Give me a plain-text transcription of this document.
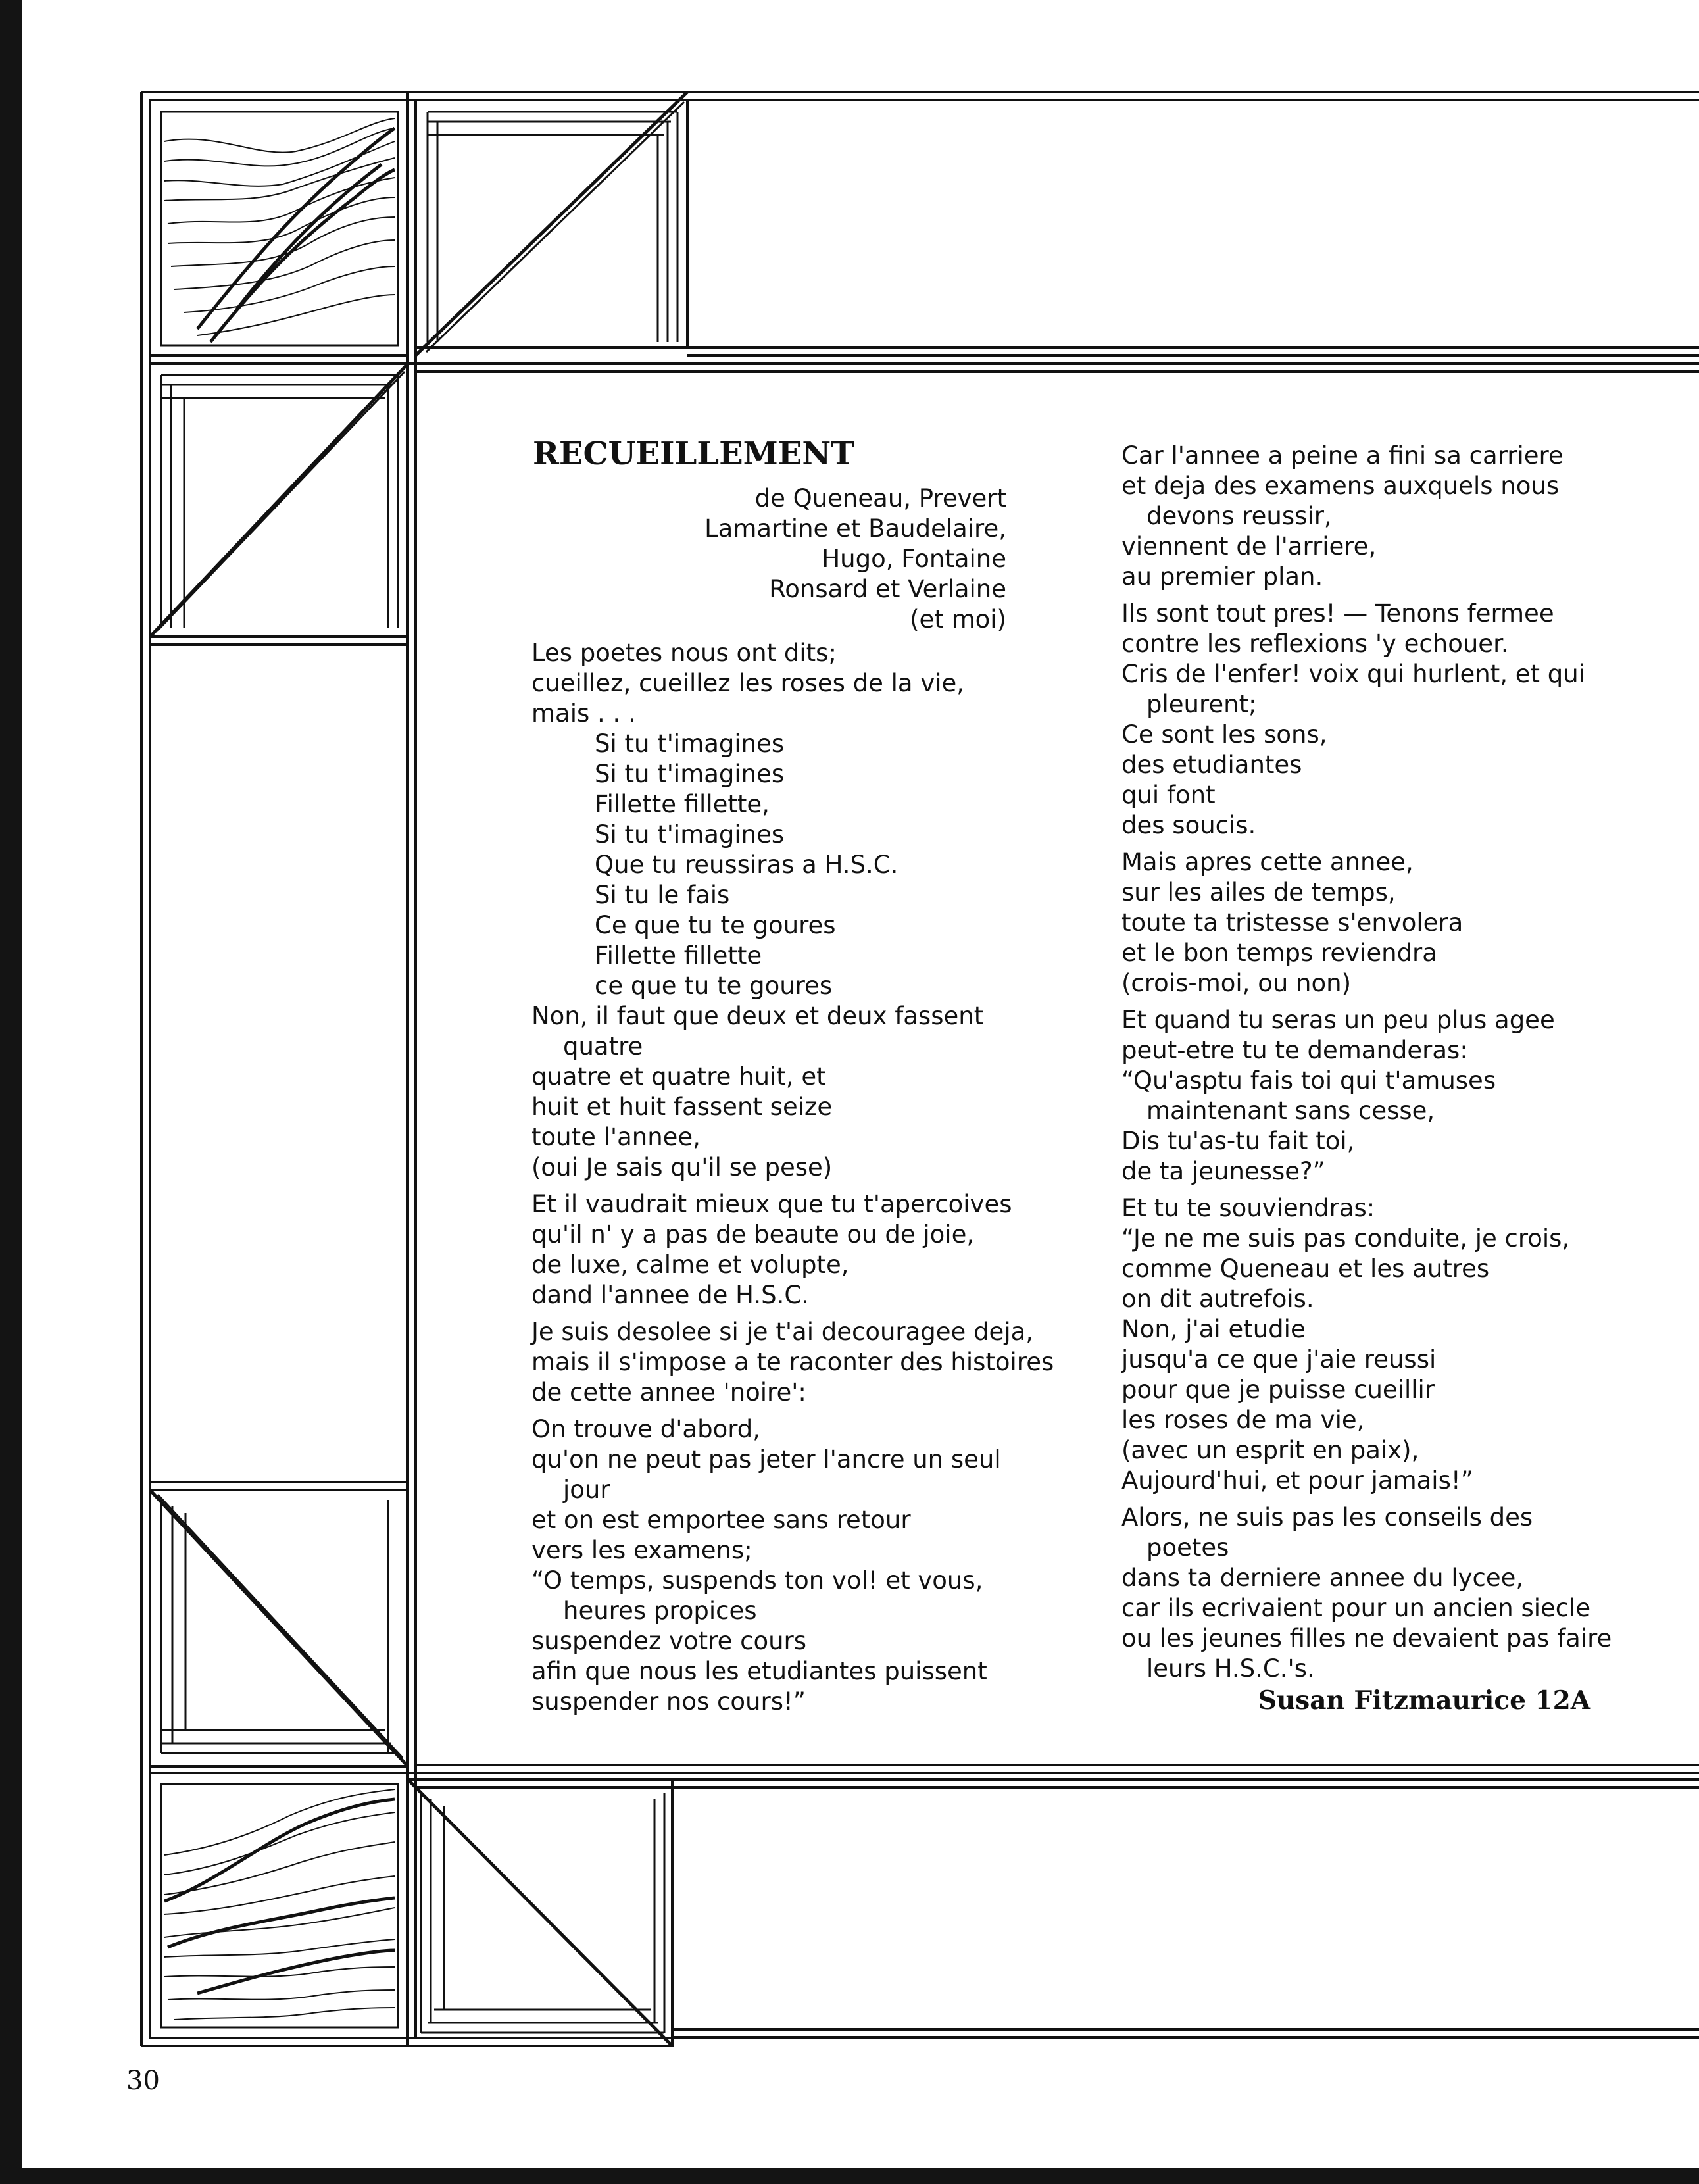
RECUEILLEMENT
de Queneau, Prevert
Lamartine et Baudelaire,
Hugo, Fontaine
Ronsard et Verlaine
(et moi)
Les poetes nous ont dits;
cueillez, cueillez les roses de la vie,
mais . . .
Si tu t'imagines
Si tu t'imagines
Fillette fillette,
Si tu t'imagines
Que tu reussiras a H.S.C.
Si tu le fais
Ce que tu te goures
Fillette fillette
ce que tu te goures
Non, il faut que deux et deux fassent
quatre
quatre et quatre huit, et
huit et huit fassent seize
toute l'annee,
(oui Je sais qu'il se pese)
Et il vaudrait mieux que tu t'apercoives
qu'il n' y a pas de beaute ou de joie,
de luxe, calme et volupte,
dand l'annee de H.S.C.
Je suis desolee si je t'ai decouragee deja,
mais il s'impose a te raconter des histoires
de cette annee 'noire':
On trouve d'abord,
qu'on ne peut pas jeter l'ancre un seul
jour
et on est emportee sans retour
vers les examens;
“O temps, suspends ton vol! et vous,
heures propices
suspendez votre cours
afin que nous les etudiantes puissent
suspender nos cours!”
Car l'annee a peine a fini sa carriere
et deja des examens auxquels nous
devons reussir,
viennent de l'arriere,
au premier plan.
Ils sont tout pres! — Tenons fermee
contre les reflexions 'y echouer.
Cris de l'enfer! voix qui hurlent, et qui
pleurent;
Ce sont les sons,
des etudiantes
qui font
des soucis.
Mais apres cette annee,
sur les ailes de temps,
toute ta tristesse s'envolera
et le bon temps reviendra
(crois-moi, ou non)
Et quand tu seras un peu plus agee
peut-etre tu te demanderas:
“Qu'asptu fais toi qui t'amuses
maintenant sans cesse,
Dis tu'as-tu fait toi,
de ta jeunesse?”
Et tu te souviendras:
“Je ne me suis pas conduite, je crois,
comme Queneau et les autres
on dit autrefois.
Non, j'ai etudie
jusqu'a ce que j'aie reussi
pour que je puisse cueillir
les roses de ma vie,
(avec un esprit en paix),
Aujourd'hui, et pour jamais!”
Alors, ne suis pas les conseils des
poetes
dans ta derniere annee du lycee,
car ils ecrivaient pour un ancien siecle
ou les jeunes filles ne devaient pas faire
leurs H.S.C.'s.
Susan Fitzmaurice 12A
30
